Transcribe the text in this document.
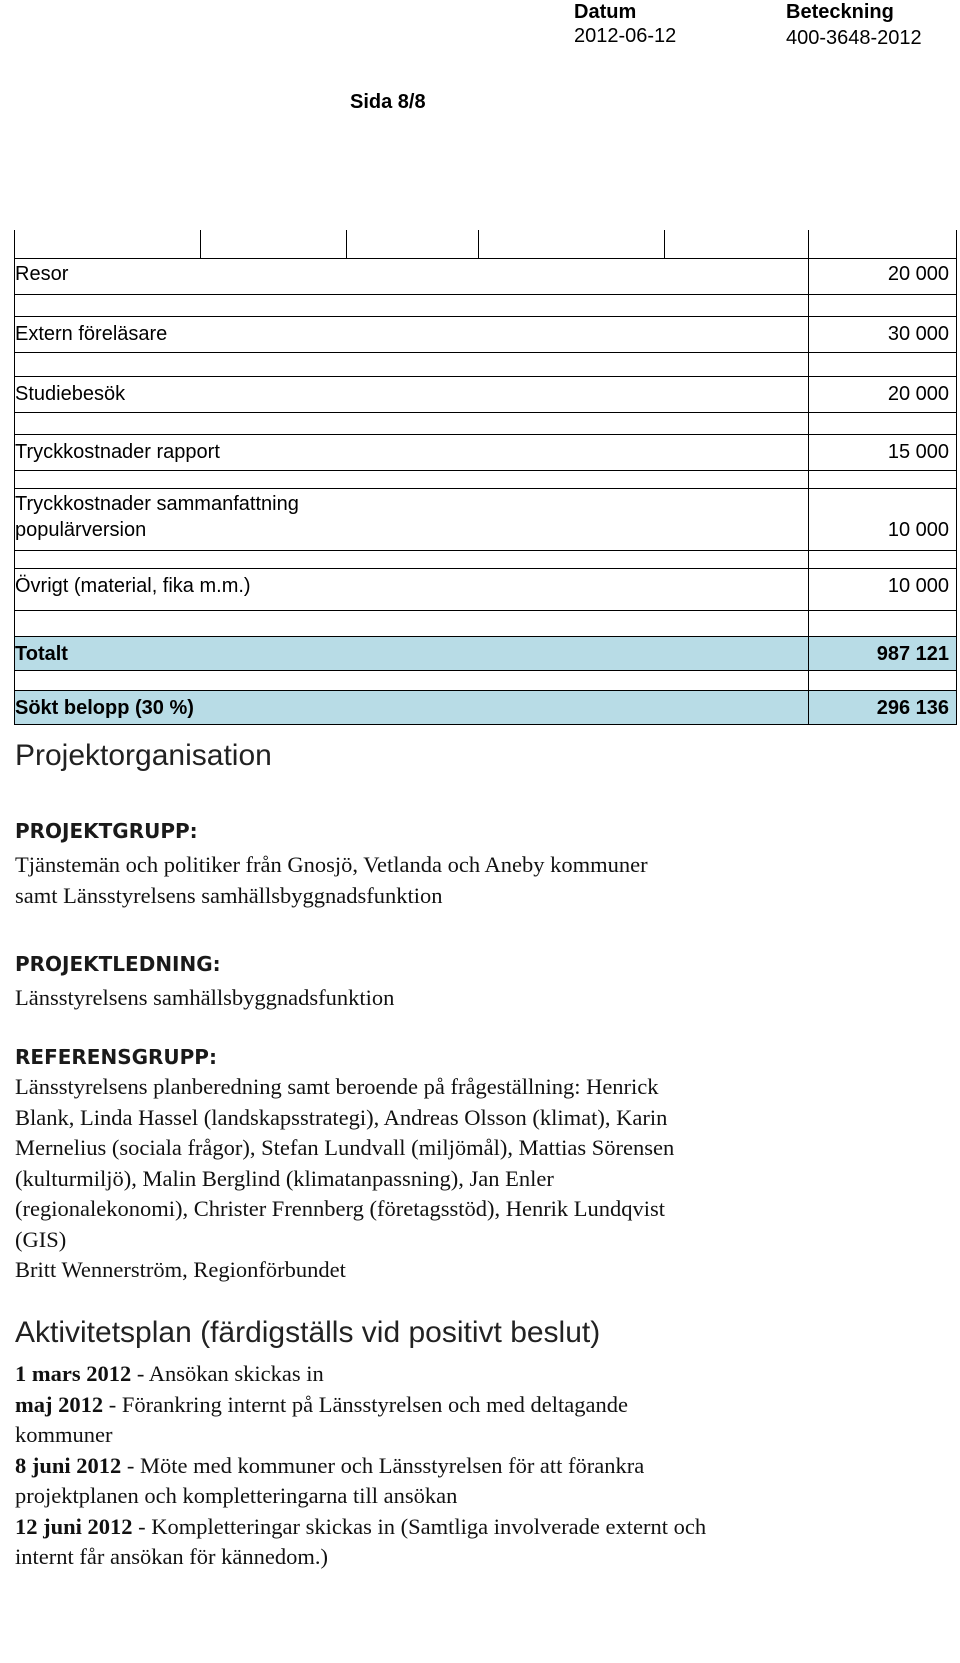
Datum
2012-06-12
Beteckning
400-3648-2012
Sida 8/8
Resor	20 000
Extern föreläsare	30 000
Studiebesök	20 000
Tryckkostnader rapport	15 000
Tryckkostnader sammanfattning
populärversion	10 000
Övrigt (material, fika m.m.)	10 000
Totalt	987 121
Sökt belopp (30 %)	296 136
Projektorganisation
PROJEKTGRUPP:
Tjänstemän och politiker från Gnosjö, Vetlanda och Aneby kommuner
samt Länsstyrelsens samhällsbyggnadsfunktion
PROJEKTLEDNING:
Länsstyrelsens samhällsbyggnadsfunktion
REFERENSGRUPP:
Länsstyrelsens planberedning samt beroende på frågeställning: Henrick
Blank, Linda Hassel (landskapsstrategi), Andreas Olsson (klimat), Karin
Mernelius (sociala frågor), Stefan Lundvall (miljömål), Mattias Sörensen
(kulturmiljö), Malin Berglind (klimatanpassning), Jan Enler
(regionalekonomi), Christer Frennberg (företagsstöd), Henrik Lundqvist
(GIS)
Britt Wennerström, Regionförbundet
Aktivitetsplan (färdigställs vid positivt beslut)
1 mars 2012 - Ansökan skickas in
maj 2012 - Förankring internt på Länsstyrelsen och med deltagande
kommuner
8 juni 2012 - Möte med kommuner och Länsstyrelsen för att förankra
projektplanen och kompletteringarna till ansökan
12 juni 2012 - Kompletteringar skickas in (Samtliga involverade externt och
internt får ansökan för kännedom.)
